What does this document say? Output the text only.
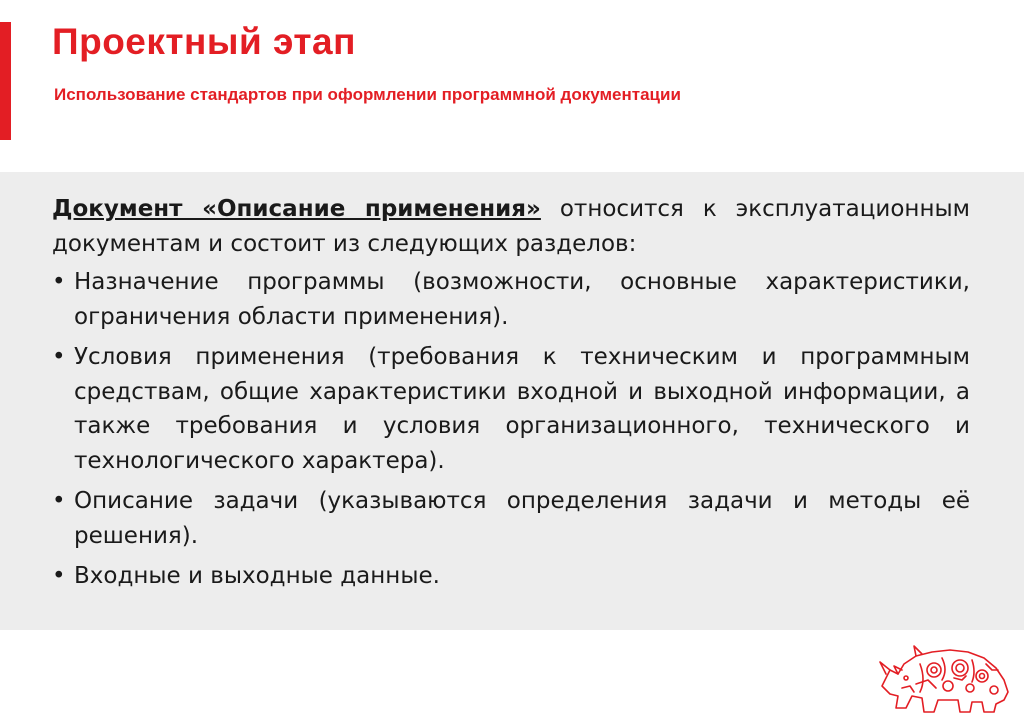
Проектный этап

Использование стандартов при оформлении программной документации

Документ «Описание применения» относится к эксплуатационным документам и состоит из следующих разделов:

• Назначение программы (возможности, основные характеристики, ограничения области применения).
• Условия применения (требования к техническим и программным средствам, общие характеристики входной и выходной информации, а также требования и условия организационного, технического и технологического характера).
• Описание задачи (указываются определения задачи и методы её решения).
• Входные и выходные данные.
